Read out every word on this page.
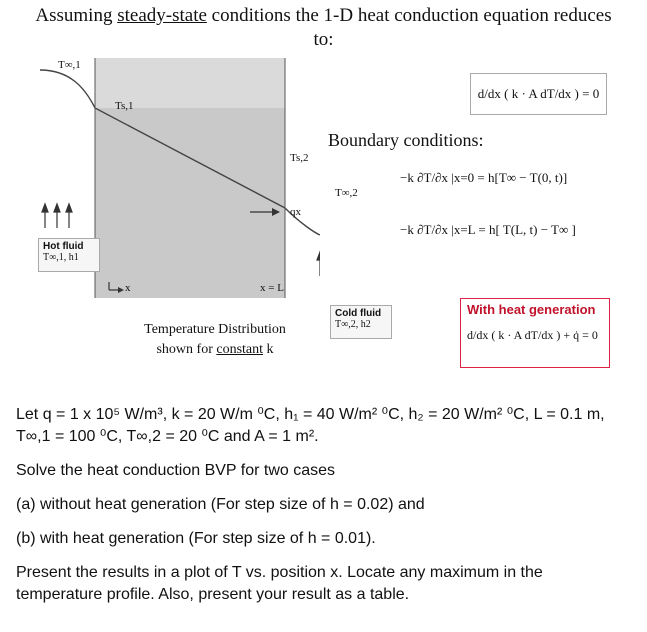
Assuming steady-state conditions the 1-D heat conduction equation reduces
to:
T∞,1
Ts,1
Ts,2
qx
T∞,2
Hot fluid
T∞,1, h1
x	x = L
Cold fluid
T∞,2, h2
Temperature Distribution
shown for constant k
d/dx ( k · A dT/dx ) = 0
Boundary conditions:
−k ∂T/∂x |x=0 = h[T∞ − T(0, t)]
−k ∂T/∂x |x=L = h[ T(L, t) − T∞ ]
With heat generation
d/dx ( k · A dT/dx ) + q̇ = 0
Let q = 1 x 10⁵ W/m³, k = 20 W/m ⁰C, h₁ = 40 W/m² ⁰C, h₂ = 20 W/m² ⁰C, L = 0.1 m,
T∞,1 = 100 ⁰C, T∞,2 = 20 ⁰C and A = 1 m².
Solve the heat conduction BVP for two cases
(a) without heat generation (For step size of h = 0.02) and
(b) with heat generation (For step size of h = 0.01).
Present the results in a plot of T vs. position x. Locate any maximum in the
temperature profile. Also, present your result as a table.
